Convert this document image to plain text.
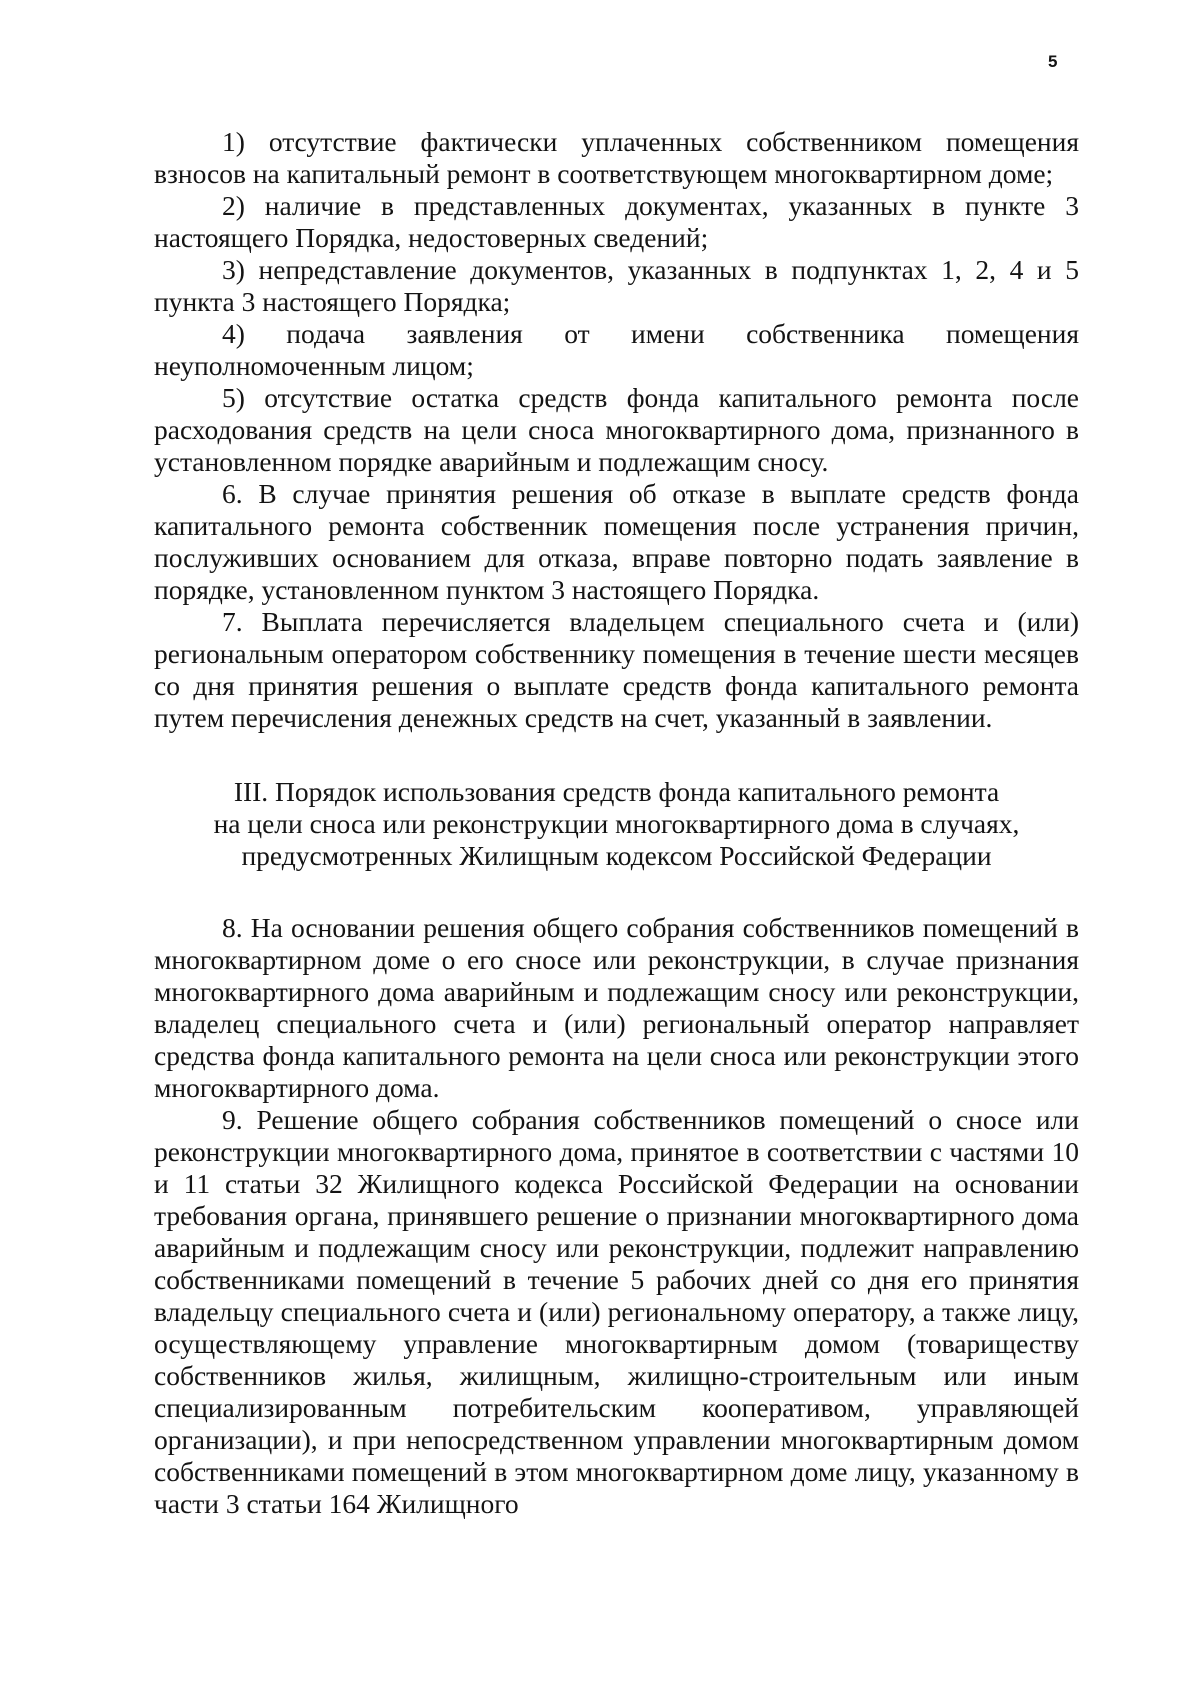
5

1) отсутствие фактически уплаченных собственником помещения взносов на капитальный ремонт в соответствующем многоквартирном доме;

2) наличие в представленных документах, указанных в пункте 3 настоящего Порядка, недостоверных сведений;

3) непредставление документов, указанных в подпунктах 1, 2, 4 и 5 пункта 3 настоящего Порядка;

4) подача заявления от имени собственника помещения неуполномоченным лицом;

5) отсутствие остатка средств фонда капитального ремонта после расходования средств на цели сноса многоквартирного дома, признанного в установленном порядке аварийным и подлежащим сносу.

6. В случае принятия решения об отказе в выплате средств фонда капитального ремонта собственник помещения после устранения причин, послуживших основанием для отказа, вправе повторно подать заявление в порядке, установленном пунктом 3 настоящего Порядка.

7. Выплата перечисляется владельцем специального счета и (или) региональным оператором собственнику помещения в течение шести месяцев со дня принятия решения о выплате средств фонда капитального ремонта путем перечисления денежных средств на счет, указанный в заявлении.

III. Порядок использования средств фонда капитального ремонта
на цели сноса или реконструкции многоквартирного дома в случаях,
предусмотренных Жилищным кодексом Российской Федерации

8. На основании решения общего собрания собственников помещений в многоквартирном доме о его сносе или реконструкции, в случае признания многоквартирного дома аварийным и подлежащим сносу или реконструкции, владелец специального счета и (или) региональный оператор направляет средства фонда капитального ремонта на цели сноса или реконструкции этого многоквартирного дома.

9. Решение общего собрания собственников помещений о сносе или реконструкции многоквартирного дома, принятое в соответствии с частями 10 и 11 статьи 32 Жилищного кодекса Российской Федерации на основании требования органа, принявшего решение о признании многоквартирного дома аварийным и подлежащим сносу или реконструкции, подлежит направлению собственниками помещений в течение 5 рабочих дней со дня его принятия владельцу специального счета и (или) региональному оператору, а также лицу, осуществляющему управление многоквартирным домом (товариществу собственников жилья, жилищным, жилищно-строительным или иным специализированным потребительским кооперативом, управляющей организации), и при непосредственном управлении многоквартирным домом собственниками помещений в этом многоквартирном доме лицу, указанному в части 3 статьи 164 Жилищного
